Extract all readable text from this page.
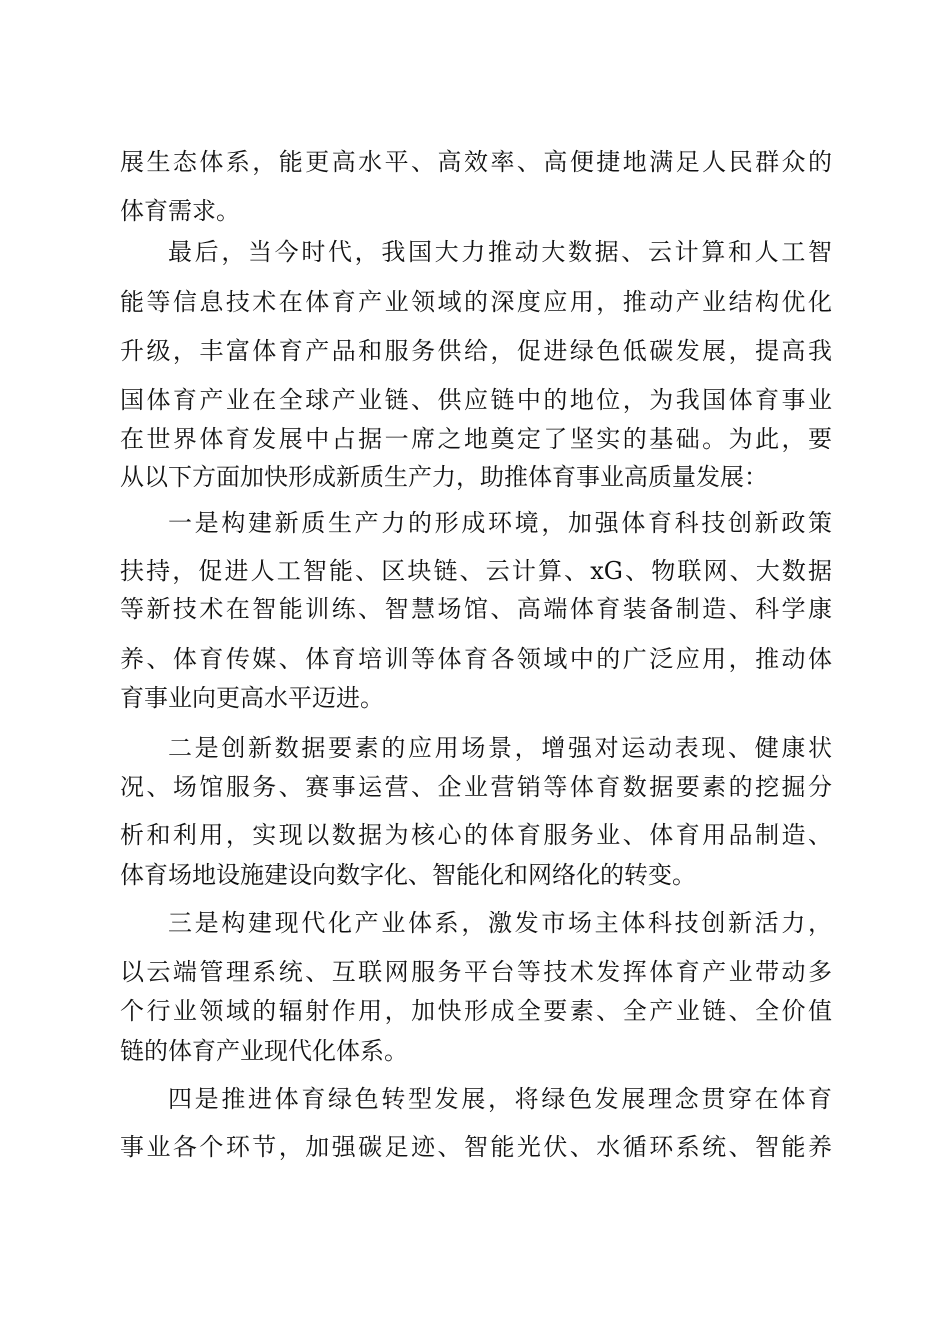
展生态体系，能更高水平、高效率、高便捷地满足人民群众的
体育需求。
最后，当今时代，我国大力推动大数据、云计算和人工智
能等信息技术在体育产业领域的深度应用，推动产业结构优化
升级，丰富体育产品和服务供给，促进绿色低碳发展，提高我
国体育产业在全球产业链、供应链中的地位，为我国体育事业
在世界体育发展中占据一席之地奠定了坚实的基础。为此，要
从以下方面加快形成新质生产力，助推体育事业高质量发展：
一是构建新质生产力的形成环境，加强体育科技创新政策
扶持，促进人工智能、区块链、云计算、xG、物联网、大数据
等新技术在智能训练、智慧场馆、高端体育装备制造、科学康
养、体育传媒、体育培训等体育各领域中的广泛应用，推动体
育事业向更高水平迈进。
二是创新数据要素的应用场景，增强对运动表现、健康状
况、场馆服务、赛事运营、企业营销等体育数据要素的挖掘分
析和利用，实现以数据为核心的体育服务业、体育用品制造、
体育场地设施建设向数字化、智能化和网络化的转变。
三是构建现代化产业体系，激发市场主体科技创新活力，
以云端管理系统、互联网服务平台等技术发挥体育产业带动多
个行业领域的辐射作用，加快形成全要素、全产业链、全价值
链的体育产业现代化体系。
四是推进体育绿色转型发展，将绿色发展理念贯穿在体育
事业各个环节，加强碳足迹、智能光伏、水循环系统、智能养
